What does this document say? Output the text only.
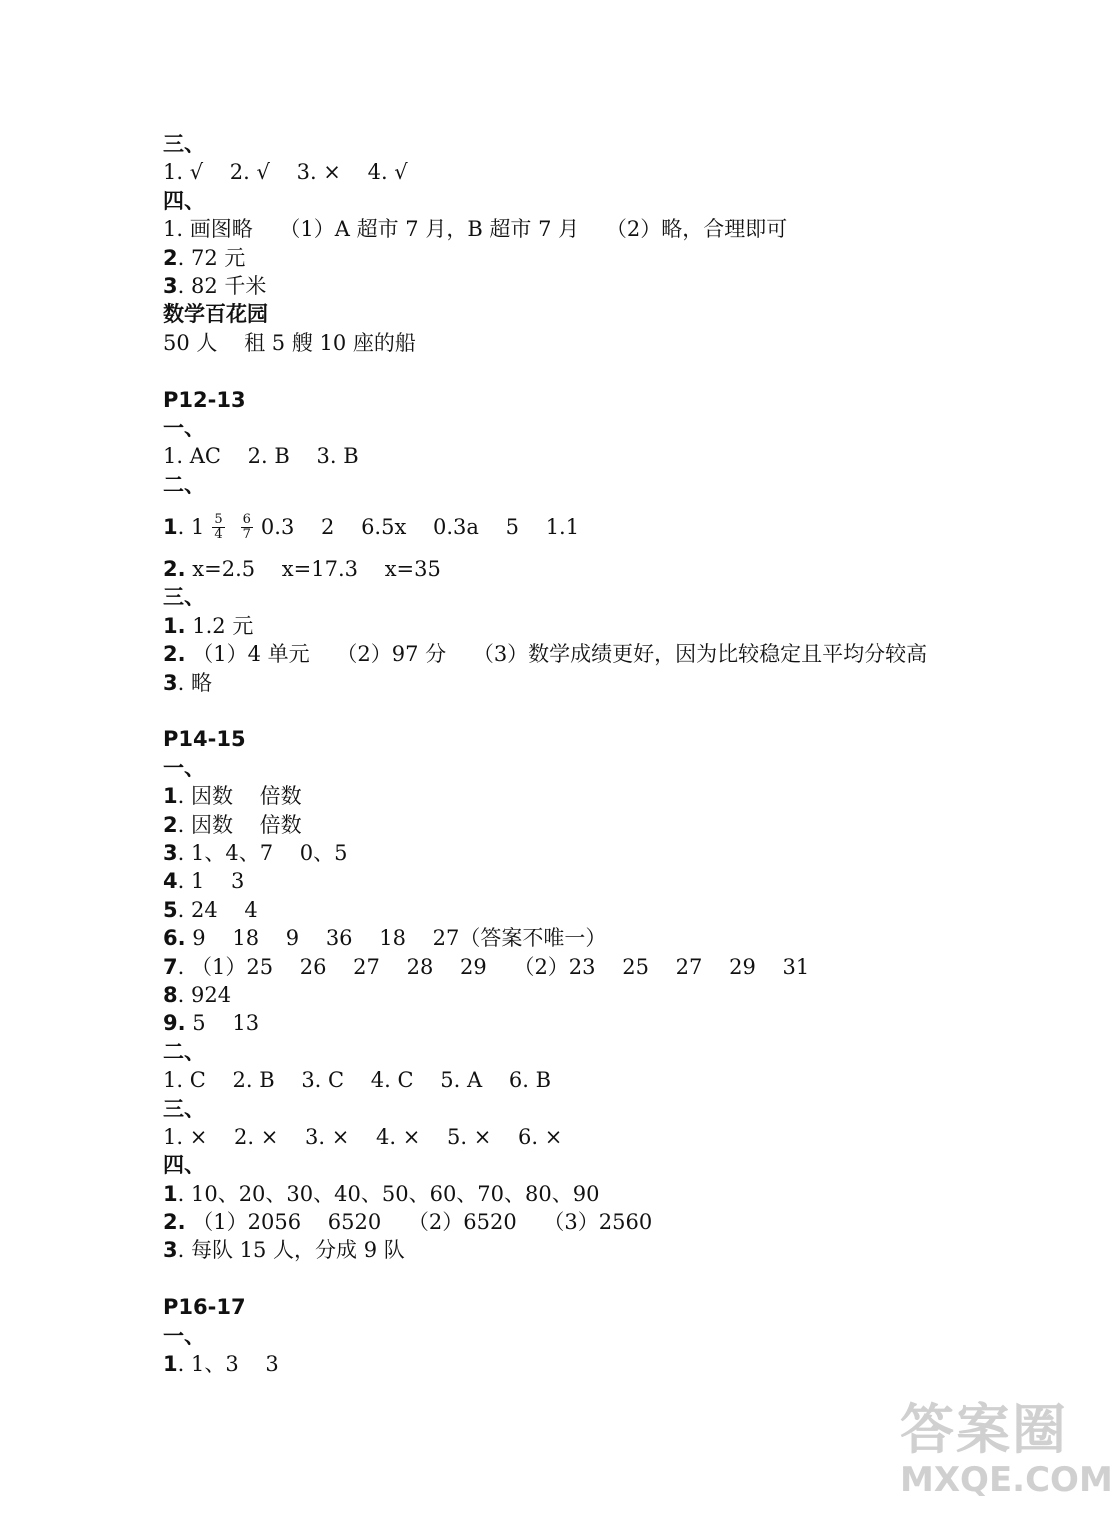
三、
1. √    2. √    3. ×    4. √
四、
1. 画图略    （1）A 超市 7 月，B 超市 7 月    （2）略，合理即可
2. 72 元
3. 82 千米
数学百花园
50 人    租 5 艘 10 座的船
P12-13
一、
1. AC    2. B    3. B
二、
1 . $1 \frac{5}{4} \frac{6}{7} 0.3$    2    6.5x    0.3a    5    1.1
2. x=2.5    x=17.3    x=35
三、
1. 1.2 元
2. （1）4 单元    （2）97 分    （3）数学成绩更好，因为比较稳定且平均分较高
3. 略
P14-15
一、
1. 因数    倍数
2. 因数    倍数
3. 1、4、7    0、5
4. 1    3
5. 24    4
6. 9    18    9    36    18    27（答案不唯一）
7. （1）25    26    27    28    29    （2）23    25    27    29    31
8. 924
9. 5    13
二、
1. C    2. B    3. C    4. C    5. A    6. B
三、
1. ×    2. ×    3. ×    4. ×    5. ×    6. ×
四、
1. 10、20、30、40、50、60、70、80、90
2. （1）2056    6520    （2）6520    （3）2560
3. 每队 15 人，分成 9 队
P16-17
一、
1. 1、3    3
答案圈
MXQE.COM
